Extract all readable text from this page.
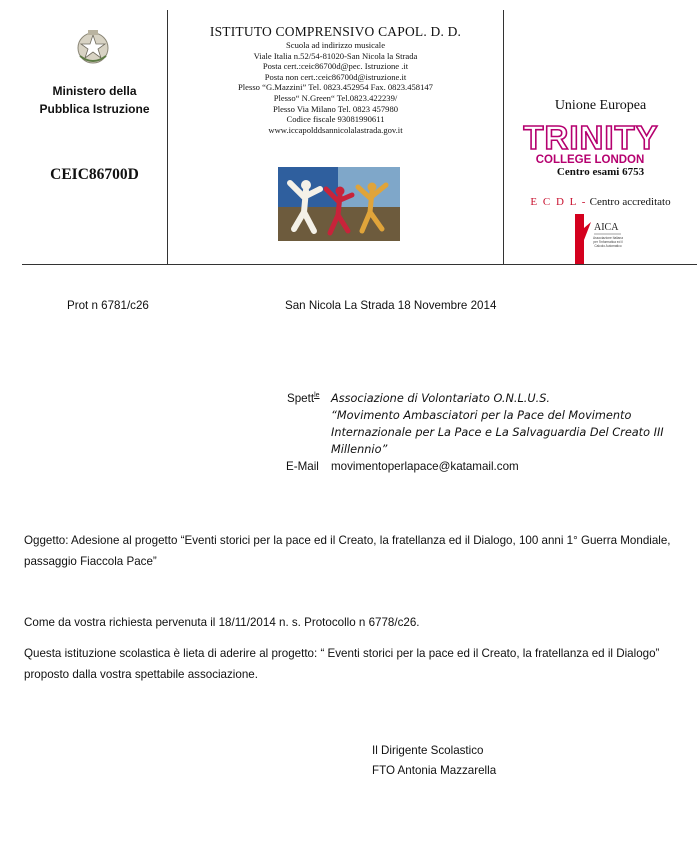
Ministero della
Pubblica Istruzione
CEIC86700D
ISTITUTO COMPRENSIVO CAPOL. D. D.
Scuola ad indirizzo musicale
Viale Italia n.52/54-81020-San Nicola la Strada
Posta cert.:ceic86700d@pec. Istruzione .it
Posta non cert.:ceic86700d@istruzione.it
Plesso “G.Mazzini” Tel. 0823.452954 Fax. 0823.458147
Plesso“ N.Green“ Tel.0823.422239/
Plesso Via Milano Tel. 0823 457980
Codice fiscale 93081990611
www.iccapolddsannicolalastrada.gov.it
Unione Europea
TRINITY
COLLEGE LONDON
Centro esami 6753
E C D L - Centro accreditato
AICA
Associazione Italiana per l'Informatica ed il Calcolo Automatico
Prot n 6781/c26	San Nicola La Strada 18 Novembre 2014
Spett$^{le}$ Associazione di Volontariato O.N.L.U.S.
“Movimento Ambasciatori per la Pace del Movimento
Internazionale per La Pace e La Salvaguardia Del Creato III
Millennio”
E-Mail movimentoperlapace@katamail.com
Oggetto: Adesione al progetto “Eventi storici per la pace ed il Creato, la fratellanza ed il Dialogo, 100 anni 1° Guerra Mondiale, passaggio Fiaccola Pace”
Come da vostra richiesta pervenuta il 18/11/2014 n. s. Protocollo n 6778/c26.
Questa istituzione scolastica è lieta di aderire al progetto: “ Eventi storici per la pace ed il Creato, la fratellanza ed il Dialogo” proposto dalla vostra spettabile associazione.
Il Dirigente Scolastico
FTO Antonia Mazzarella
